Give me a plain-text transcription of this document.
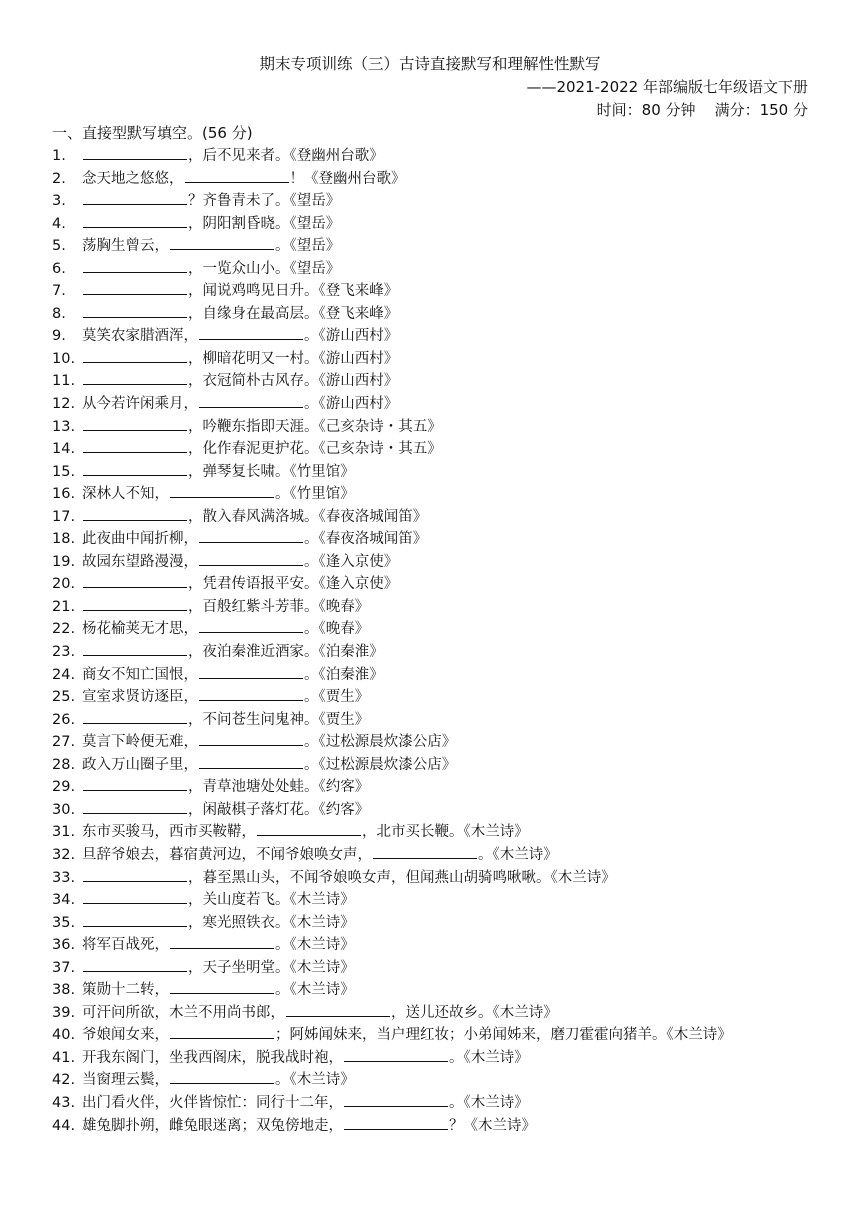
期末专项训练（三）古诗直接默写和理解性性默写
——2021-2022 年部编版七年级语文下册
时间：80 分钟    满分：150 分
一、直接型默写填空。(56 分)
1.	，后不见来者。《登幽州台歌》
2.	念天地之悠悠，	！《登幽州台歌》
3.	？齐鲁青未了。《望岳》
4.	，阴阳割昏晓。《望岳》
5.	荡胸生曾云，	。《望岳》
6.	，一览众山小。《望岳》
7.	，闻说鸡鸣见日升。《登飞来峰》
8.	，自缘身在最高层。《登飞来峰》
9.	莫笑农家腊酒浑，	。《游山西村》
10.	，柳暗花明又一村。《游山西村》
11.	，衣冠简朴古风存。《游山西村》
12. 从今若许闲乘月，	。《游山西村》
13.	，吟鞭东指即天涯。《己亥杂诗・其五》
14.	，化作春泥更护花。《己亥杂诗・其五》
15.	，弹琴复长啸。《竹里馆》
16. 深林人不知，	。《竹里馆》
17.	，散入春风满洛城。《春夜洛城闻笛》
18. 此夜曲中闻折柳，	。《春夜洛城闻笛》
19. 故园东望路漫漫，	。《逢入京使》
20.	，凭君传语报平安。《逢入京使》
21.	，百般红紫斗芳菲。《晚春》
22. 杨花榆荚无才思，	。《晚春》
23.	，夜泊秦淮近酒家。《泊秦淮》
24. 商女不知亡国恨，	。《泊秦淮》
25. 宣室求贤访逐臣，	。《贾生》
26.	，不问苍生问鬼神。《贾生》
27. 莫言下岭便无难，	。《过松源晨炊漆公店》
28. 政入万山圈子里，	。《过松源晨炊漆公店》
29.	，青草池塘处处蛙。《约客》
30.	，闲敲棋子落灯花。《约客》
31. 东市买骏马，西市买鞍鞯，	，北市买长鞭。《木兰诗》
32. 旦辞爷娘去，暮宿黄河边，不闻爷娘唤女声，	。《木兰诗》
33.	，暮至黑山头，不闻爷娘唤女声，但闻燕山胡骑鸣啾啾。《木兰诗》
34.	，关山度若飞。《木兰诗》
35.	，寒光照铁衣。《木兰诗》
36. 将军百战死，	。《木兰诗》
37.	，天子坐明堂。《木兰诗》
38. 策勋十二转，	。《木兰诗》
39. 可汗问所欲，木兰不用尚书郎，	，送儿还故乡。《木兰诗》
40. 爷娘闻女来，	；阿姊闻妹来，当户理红妆；小弟闻姊来，磨刀霍霍向猪羊。《木兰诗》
41. 开我东阁门，坐我西阁床，脱我战时袍，	。《木兰诗》
42. 当窗理云鬓，	。《木兰诗》
43. 出门看火伴，火伴皆惊忙：同行十二年，	。《木兰诗》
44. 雄兔脚扑朔，雌兔眼迷离；双兔傍地走，	？《木兰诗》
